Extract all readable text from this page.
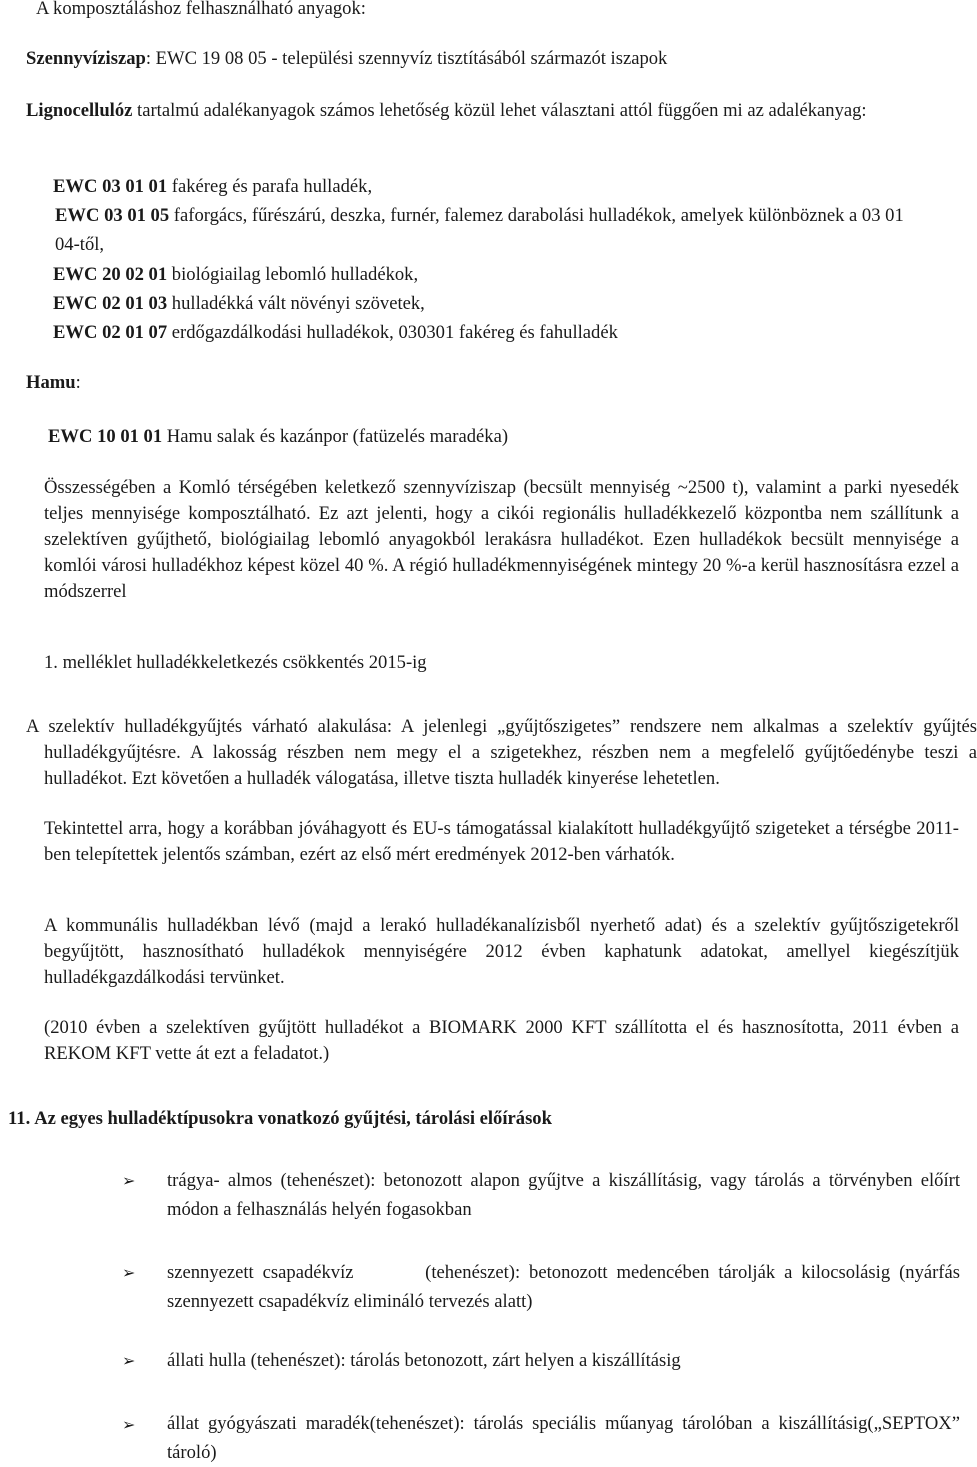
A komposztáláshoz felhasználható anyagok:

Szennyvíziszap: EWC 19 08 05 - települési szennyvíz tisztításából származót iszapok

Lignocellulóz tartalmú adalékanyagok számos lehetőség közül lehet választani attól függően mi az adalékanyag:

EWC 03 01 01 fakéreg és parafa hulladék,

EWC 03 01 05 faforgács, fűrészárú, deszka, furnér, falemez darabolási hulladékok, amelyek különböznek a 03 01 04-től,

EWC 20 02 01 biológiailag lebomló hulladékok,

EWC 02 01 03 hulladékká vált növényi szövetek,

EWC 02 01 07 erdőgazdálkodási hulladékok, 030301 fakéreg és fahulladék

Hamu:

EWC 10 01 01 Hamu salak és kazánpor (fatüzelés maradéka)

Összességében a Komló térségében keletkező szennyvíziszap (becsült mennyiség ~2500 t), valamint a parki nyesedék teljes mennyisége komposztálható. Ez azt jelenti, hogy a cikói regionális hulladékkezelő központba nem szállítunk a szelektíven gyűjthető, biológiailag lebomló anyagokból lerakásra hulladékot. Ezen hulladékok becsült mennyisége a komlói városi hulladékhoz képest közel 40 %. A régió hulladékmennyiségének mintegy 20 %-a kerül hasznosításra ezzel a módszerrel

1. melléklet hulladékkeletkezés csökkentés 2015-ig

A szelektív hulladékgyűjtés várható alakulása: A jelenlegi „gyűjtőszigetes” rendszere nem alkalmas a szelektív gyűjtés hulladékgyűjtésre. A lakosság részben nem megy el a szigetekhez, részben nem a megfelelő gyűjtőedénybe teszi a hulladékot. Ezt követően a hulladék válogatása, illetve tiszta hulladék kinyerése lehetetlen.

Tekintettel arra, hogy a korábban jóváhagyott és EU-s támogatással kialakított hulladékgyűjtő szigeteket a térségbe 2011-ben telepítettek jelentős számban, ezért az első mért eredmények 2012-ben várhatók.

A kommunális hulladékban lévő (majd a lerakó hulladékanalízisből nyerhető adat) és a szelektív gyűjtőszigetekről begyűjtött, hasznosítható hulladékok mennyiségére 2012 évben kaphatunk adatokat, amellyel kiegészítjük hulladékgazdálkodási tervünket.

(2010 évben a szelektíven gyűjtött hulladékot a BIOMARK 2000 KFT szállította el és hasznosította, 2011 évben a REKOM KFT vette át ezt a feladatot.)

11. Az egyes hulladéktípusokra vonatkozó gyűjtési, tárolási előírások

➢ trágya- almos (tehenészet): betonozott alapon gyűjtve a kiszállításig, vagy tárolás a törvényben előírt módon a felhasználás helyén fogasokban

➢ szennyezett csapadékvíz        (tehenészet): betonozott medencében tárolják a kilocsolásig (nyárfás szennyezett csapadékvíz elimináló tervezés alatt)

➢ állati hulla (tehenészet): tárolás betonozott, zárt helyen a kiszállításig

➢ állat gyógyászati maradék(tehenészet): tárolás speciális műanyag tárolóban a kiszállításig(„SEPTOX” tároló)
